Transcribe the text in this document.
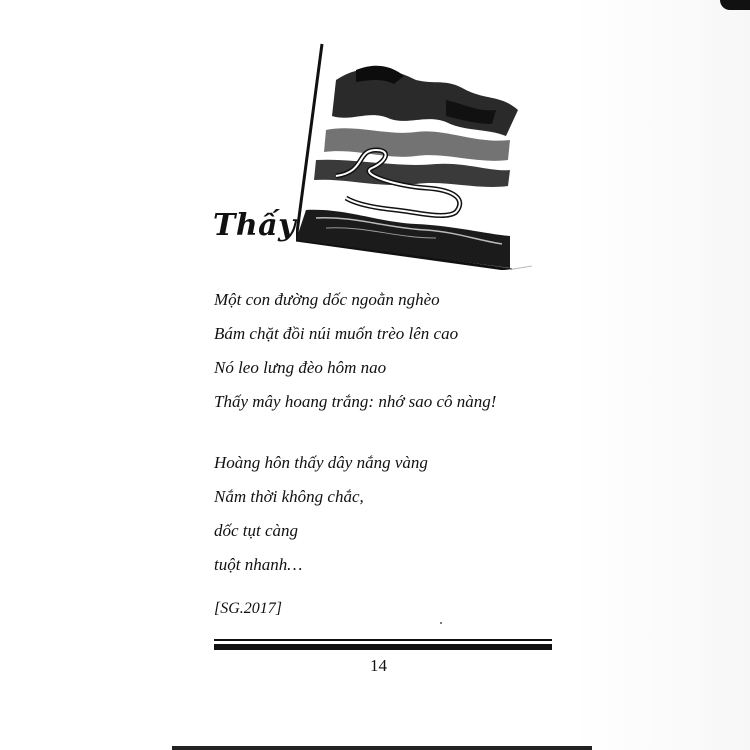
Thấy
Một con đường dốc ngoằn nghèo
Bám chặt đồi núi muốn trèo lên cao
Nó leo lưng đèo hôm nao
Thấy mây hoang trắng: nhớ sao cô nàng!
Hoàng hôn thấy dây nắng vàng
Nắm thời không chắc,
dốc tụt càng
tuột nhanh…
[SG.2017]
14
